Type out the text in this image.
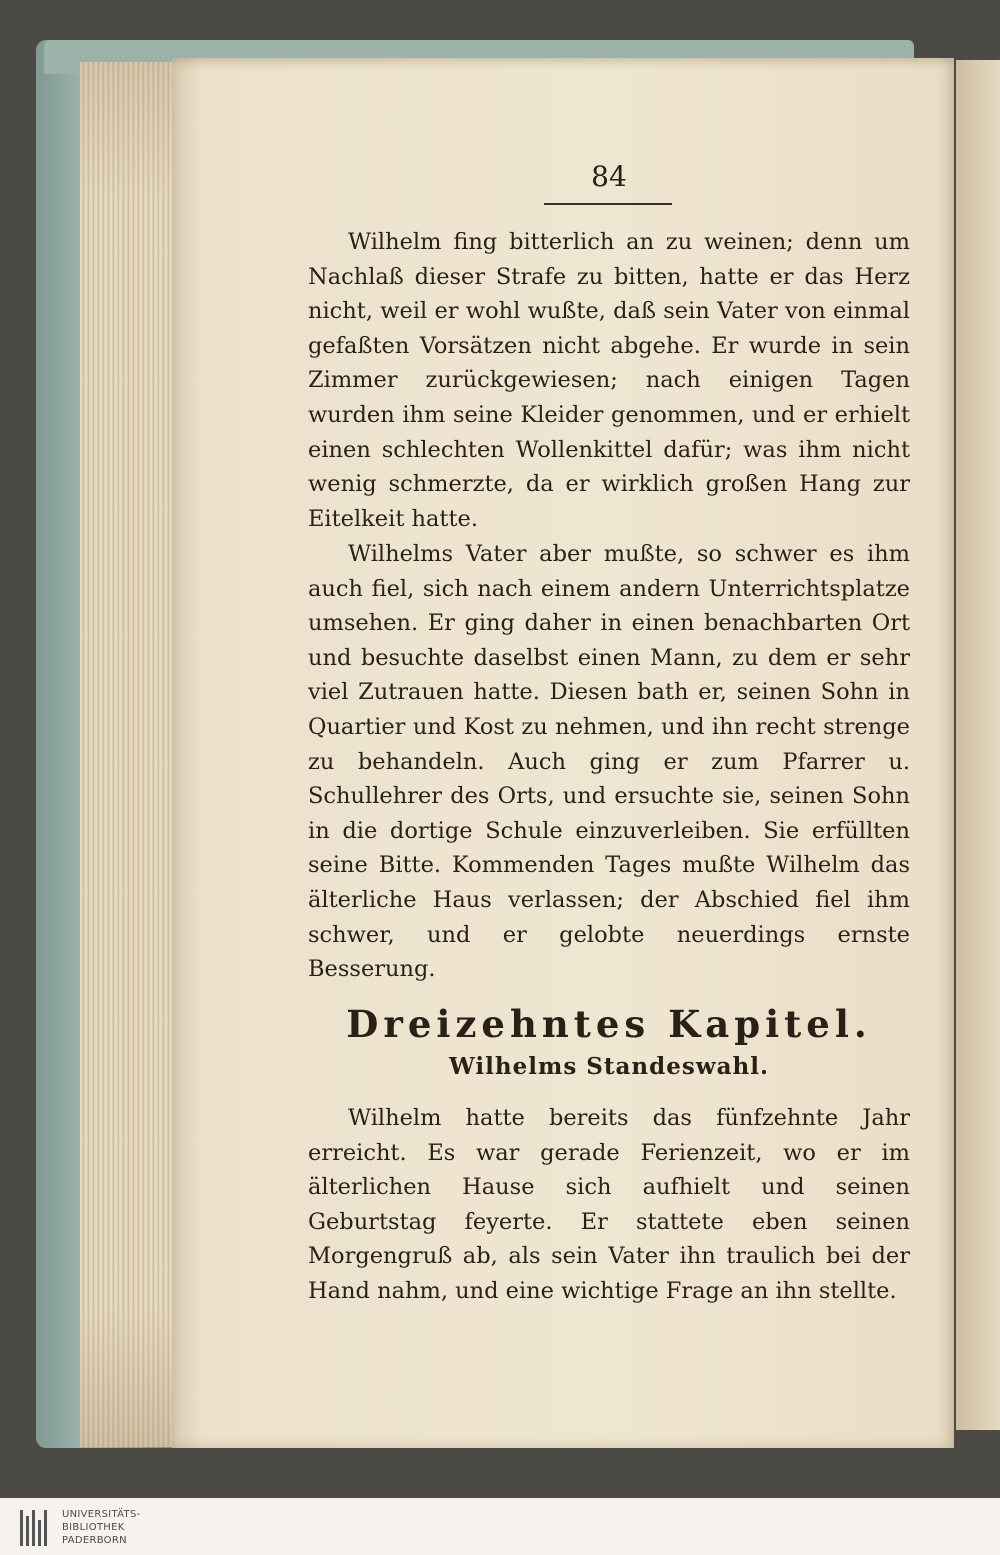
84

Wilhelm fing bitterlich an zu weinen; denn um Nachlaß dieser Strafe zu bitten, hatte er das Herz nicht, weil er wohl wußte, daß sein Vater von einmal gefaßten Vorsätzen nicht abgehe. Er wurde in sein Zimmer zurückgewiesen; nach einigen Tagen wurden ihm seine Kleider genommen, und er erhielt einen schlechten Wollenkittel dafür; was ihm nicht wenig schmerzte, da er wirklich großen Hang zur Eitelkeit hatte.

Wilhelms Vater aber mußte, so schwer es ihm auch fiel, sich nach einem andern Unterrichtsplatze umsehen. Er ging daher in einen benachbarten Ort und besuchte daselbst einen Mann, zu dem er sehr viel Zutrauen hatte. Diesen bath er, seinen Sohn in Quartier und Kost zu nehmen, und ihn recht strenge zu behandeln. Auch ging er zum Pfarrer u. Schullehrer des Orts, und ersuchte sie, seinen Sohn in die dortige Schule einzuverleiben. Sie erfüllten seine Bitte. Kommenden Tages mußte Wilhelm das älterliche Haus verlassen; der Abschied fiel ihm schwer, und er gelobte neuerdings ernste Besserung.

Dreizehntes Kapitel.
Wilhelms Standeswahl.

Wilhelm hatte bereits das fünfzehnte Jahr erreicht. Es war gerade Ferienzeit, wo er im älterlichen Hause sich aufhielt und seinen Geburtstag feyerte. Er stattete eben seinen Morgengruß ab, als sein Vater ihn traulich bei der Hand nahm, und eine wichtige Frage an ihn stellte.

UNIVERSITÄTS-
BIBLIOTHEK
PADERBORN
